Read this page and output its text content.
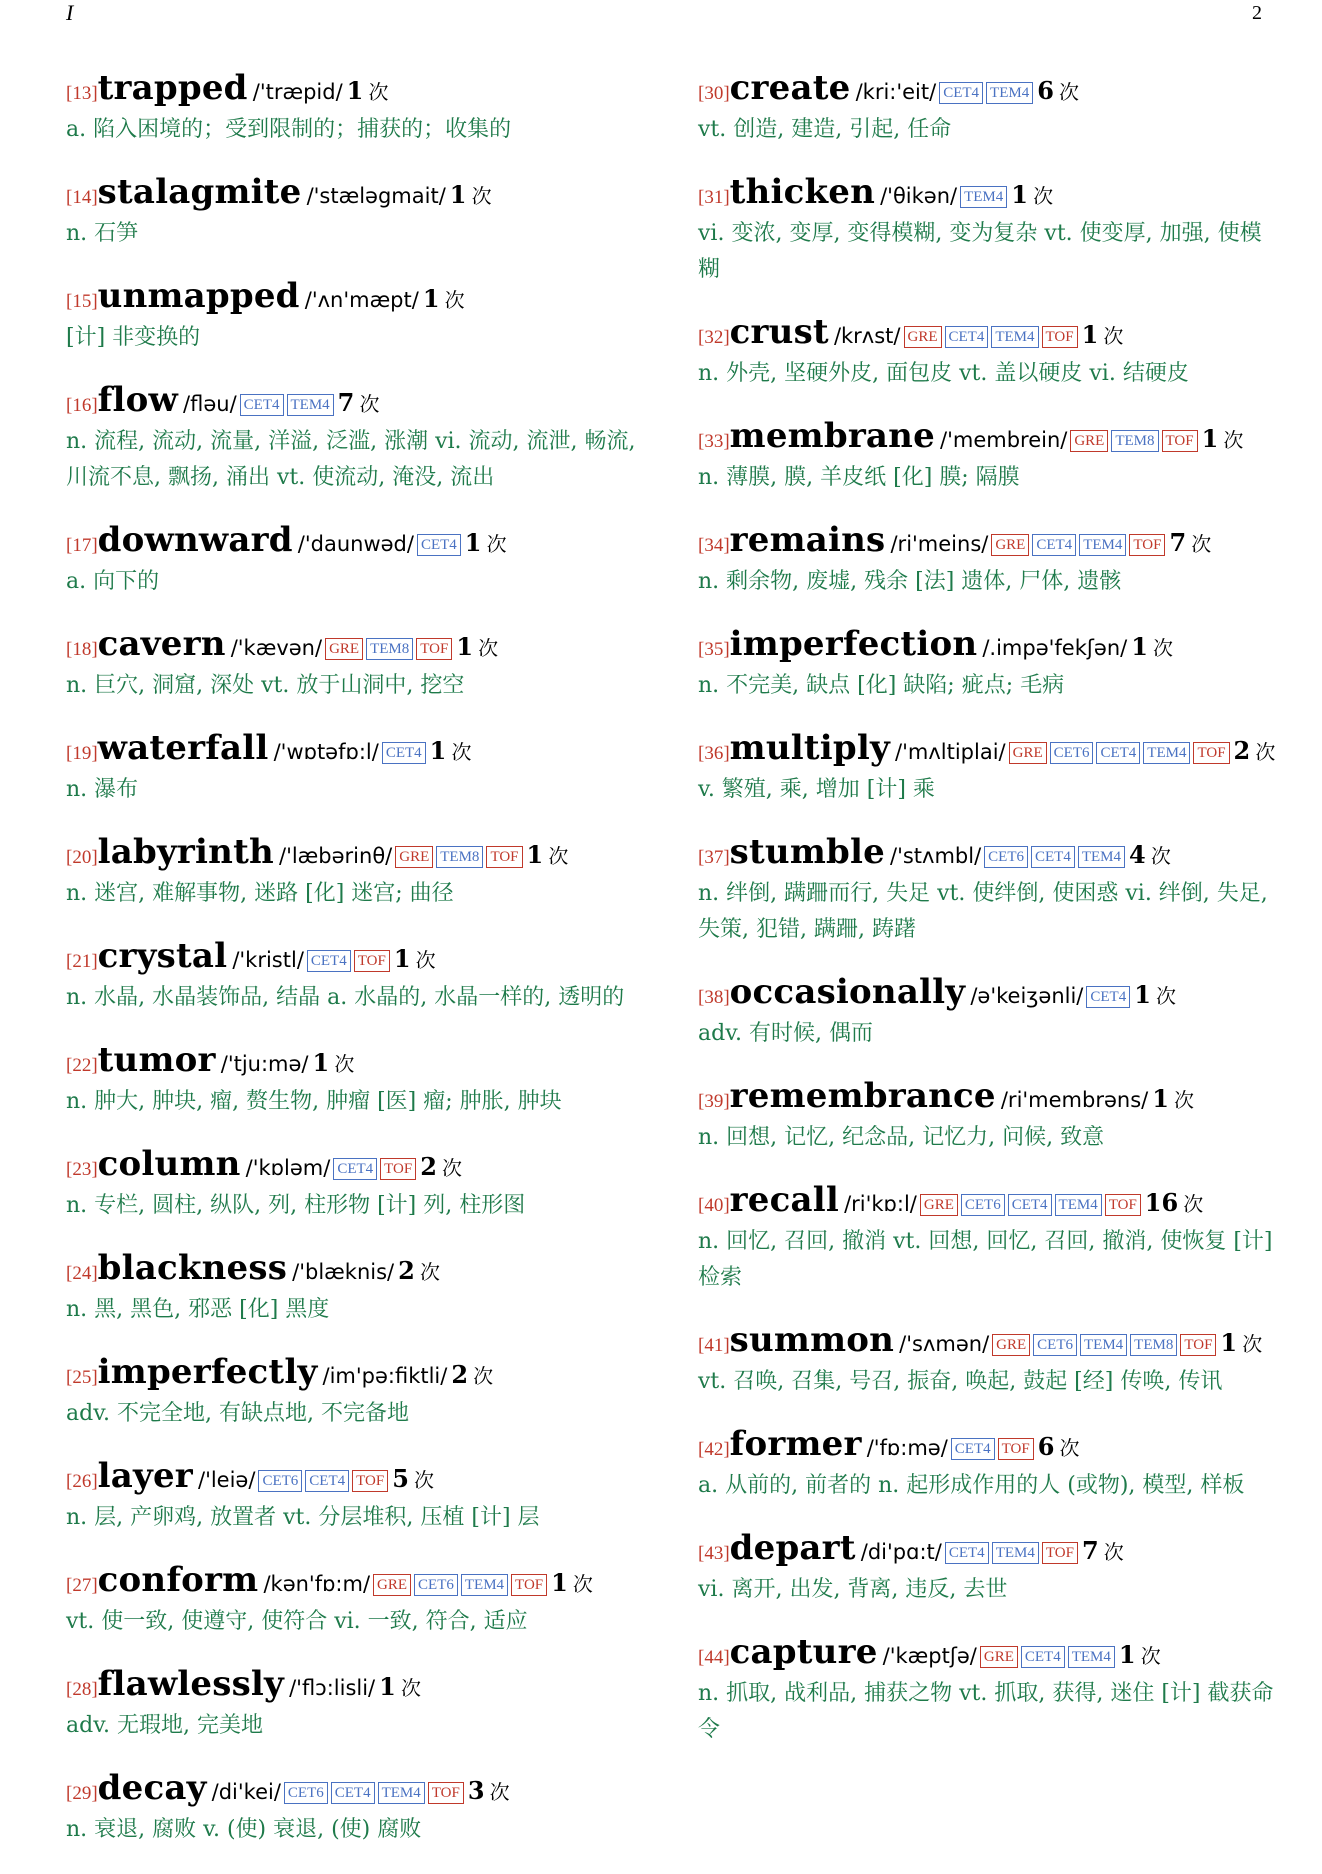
I	2
[13]trapped /'træpid/ 1 次
a. 陷入困境的；受到限制的；捕获的；收集的
[14]stalagmite /'stæləgmait/ 1 次
n. 石笋
[15]unmapped /'ʌn'mæpt/ 1 次
[计] 非变换的
[16]flow /fləu/ CET4 TEM4 7 次
n. 流程, 流动, 流量, 洋溢, 泛滥, 涨潮 vi. 流动, 流泄, 畅流, 川流不息, 飘扬, 涌出 vt. 使流动, 淹没, 流出
[17]downward /'daunwəd/ CET4 1 次
a. 向下的
[18]cavern /'kævən/ GRE TEM8 TOF 1 次
n. 巨穴, 洞窟, 深处 vt. 放于山洞中, 挖空
[19]waterfall /'wɒtəfɒ:l/ CET4 1 次
n. 瀑布
[20]labyrinth /'læbərinθ/ GRE TEM8 TOF 1 次
n. 迷宫, 难解事物, 迷路 [化] 迷宫; 曲径
[21]crystal /'kristl/ CET4 TOF 1 次
n. 水晶, 水晶装饰品, 结晶 a. 水晶的, 水晶一样的, 透明的
[22]tumor /'tju:mə/ 1 次
n. 肿大, 肿块, 瘤, 赘生物, 肿瘤 [医] 瘤; 肿胀, 肿块
[23]column /'kɒləm/ CET4 TOF 2 次
n. 专栏, 圆柱, 纵队, 列, 柱形物 [计] 列, 柱形图
[24]blackness /'blæknis/ 2 次
n. 黑, 黑色, 邪恶 [化] 黑度
[25]imperfectly /im'pə:fiktli/ 2 次
adv. 不完全地, 有缺点地, 不完备地
[26]layer /'leiə/ CET6 CET4 TOF 5 次
n. 层, 产卵鸡, 放置者 vt. 分层堆积, 压植 [计] 层
[27]conform /kən'fɒ:m/ GRE CET6 TEM4 TOF 1 次
vt. 使一致, 使遵守, 使符合 vi. 一致, 符合, 适应
[28]flawlessly /'flɔ:lisli/ 1 次
adv. 无瑕地, 完美地
[29]decay /di'kei/ CET6 CET4 TEM4 TOF 3 次
n. 衰退, 腐败 v. (使) 衰退, (使) 腐败
[30]create /kri:'eit/ CET4 TEM4 6 次
vt. 创造, 建造, 引起, 任命
[31]thicken /'θikən/ TEM4 1 次
vi. 变浓, 变厚, 变得模糊, 变为复杂 vt. 使变厚, 加强, 使模糊
[32]crust /krʌst/ GRE CET4 TEM4 TOF 1 次
n. 外壳, 坚硬外皮, 面包皮 vt. 盖以硬皮 vi. 结硬皮
[33]membrane /'membrein/ GRE TEM8 TOF 1 次
n. 薄膜, 膜, 羊皮纸 [化] 膜; 隔膜
[34]remains /ri'meins/ GRE CET4 TEM4 TOF 7 次
n. 剩余物, 废墟, 残余 [法] 遗体, 尸体, 遗骸
[35]imperfection /.impə'fekʃən/ 1 次
n. 不完美, 缺点 [化] 缺陷; 疵点; 毛病
[36]multiply /'mʌltiplai/ GRE CET6 CET4 TEM4 TOF 2 次
v. 繁殖, 乘, 增加 [计] 乘
[37]stumble /'stʌmbl/ CET6 CET4 TEM4 4 次
n. 绊倒, 蹒跚而行, 失足 vt. 使绊倒, 使困惑 vi. 绊倒, 失足, 失策, 犯错, 蹒跚, 踌躇
[38]occasionally /ə'keiʒənli/ CET4 1 次
adv. 有时候, 偶而
[39]remembrance /ri'membrəns/ 1 次
n. 回想, 记忆, 纪念品, 记忆力, 问候, 致意
[40]recall /ri'kɒ:l/ GRE CET6 CET4 TEM4 TOF 16 次
n. 回忆, 召回, 撤消 vt. 回想, 回忆, 召回, 撤消, 使恢复 [计] 检索
[41]summon /'sʌmən/ GRE CET6 TEM4 TEM8 TOF 1 次
vt. 召唤, 召集, 号召, 振奋, 唤起, 鼓起 [经] 传唤, 传讯
[42]former /'fɒ:mə/ CET4 TOF 6 次
a. 从前的, 前者的 n. 起形成作用的人 (或物), 模型, 样板
[43]depart /di'pɑ:t/ CET4 TEM4 TOF 7 次
vi. 离开, 出发, 背离, 违反, 去世
[44]capture /'kæptʃə/ GRE CET4 TEM4 1 次
n. 抓取, 战利品, 捕获之物 vt. 抓取, 获得, 迷住 [计] 截获命令
